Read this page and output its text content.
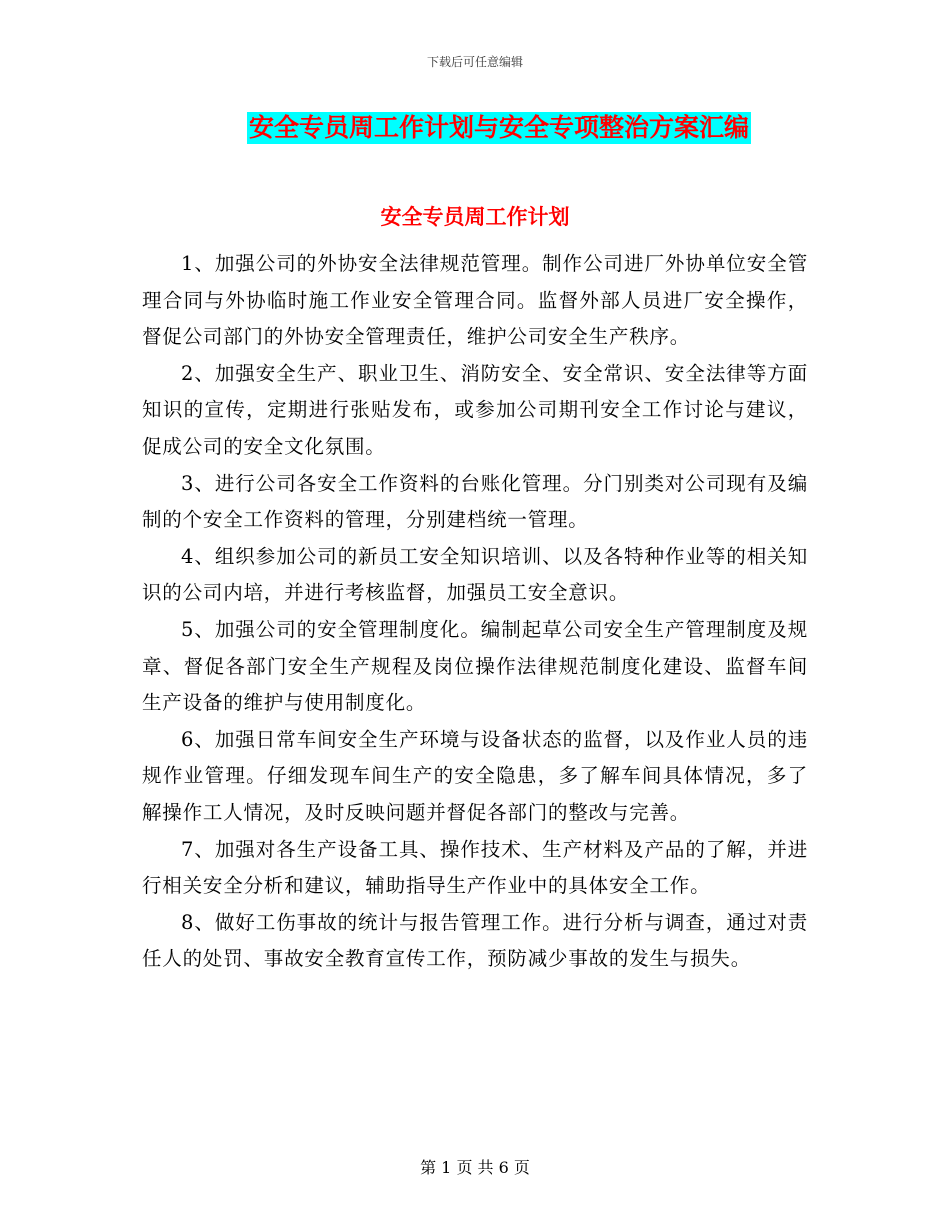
下载后可任意编辑
安全专员周工作计划与安全专项整治方案汇编
安全专员周工作计划

1、加强公司的外协安全法律规范管理。制作公司进厂外协单位安全管理合同与外协临时施工作业安全管理合同。监督外部人员进厂安全操作，督促公司部门的外协安全管理责任，维护公司安全生产秩序。

2、加强安全生产、职业卫生、消防安全、安全常识、安全法律等方面知识的宣传，定期进行张贴发布，或参加公司期刊安全工作讨论与建议，促成公司的安全文化氛围。

3、进行公司各安全工作资料的台账化管理。分门别类对公司现有及编制的个安全工作资料的管理，分别建档统一管理。

4、组织参加公司的新员工安全知识培训、以及各特种作业等的相关知识的公司内培，并进行考核监督，加强员工安全意识。

5、加强公司的安全管理制度化。编制起草公司安全生产管理制度及规章、督促各部门安全生产规程及岗位操作法律规范制度化建设、监督车间生产设备的维护与使用制度化。

6、加强日常车间安全生产环境与设备状态的监督，以及作业人员的违规作业管理。仔细发现车间生产的安全隐患，多了解车间具体情况，多了解操作工人情况，及时反映问题并督促各部门的整改与完善。

7、加强对各生产设备工具、操作技术、生产材料及产品的了解，并进行相关安全分析和建议，辅助指导生产作业中的具体安全工作。

8、做好工伤事故的统计与报告管理工作。进行分析与调查，通过对责任人的处罚、事故安全教育宣传工作，预防减少事故的发生与损失。

第 1 页 共 6 页
